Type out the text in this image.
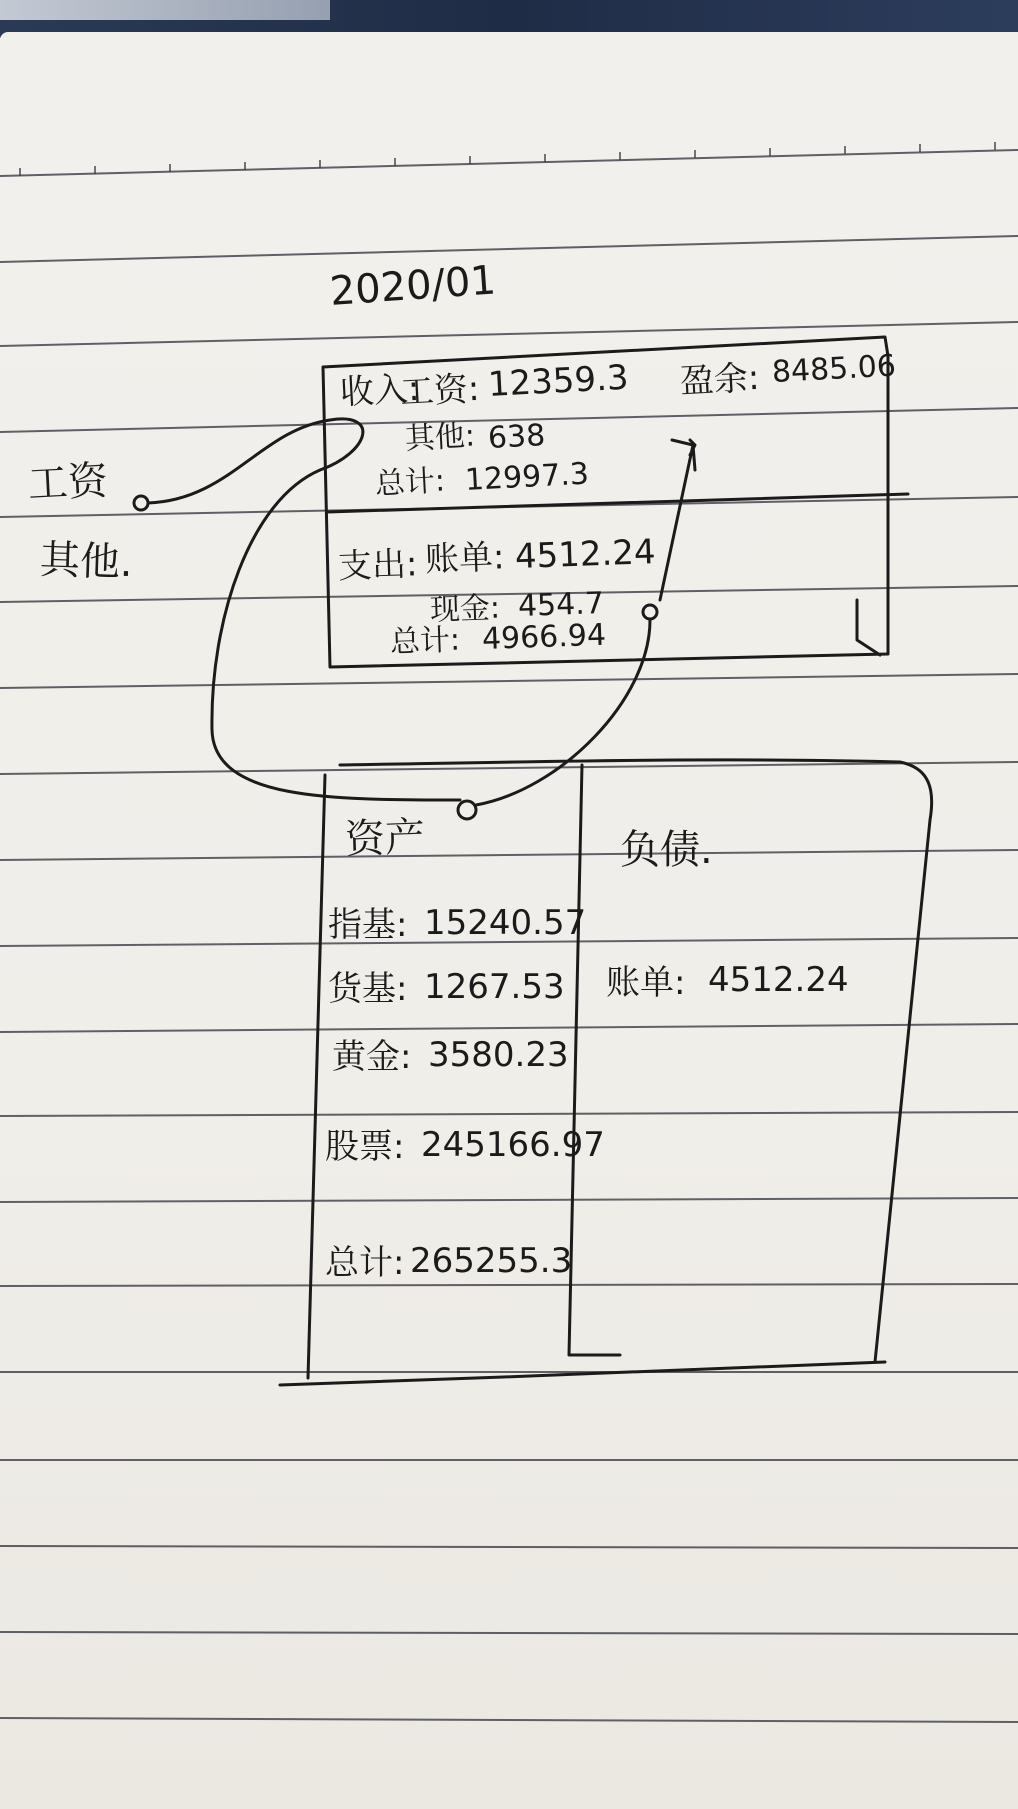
2020/01
工资
其他.
收入:
工资: 12359.3
其他: 638
总计: 12997.3
盈余: 8485.06
支出: 账单: 4512.24
现金: 454.7
总计: 4966.94
资产
指基: 15240.57
货基: 1267.53
黄金: 3580.23
股票: 245166.97
总计: 265255.3
负债.
账单: 4512.24
